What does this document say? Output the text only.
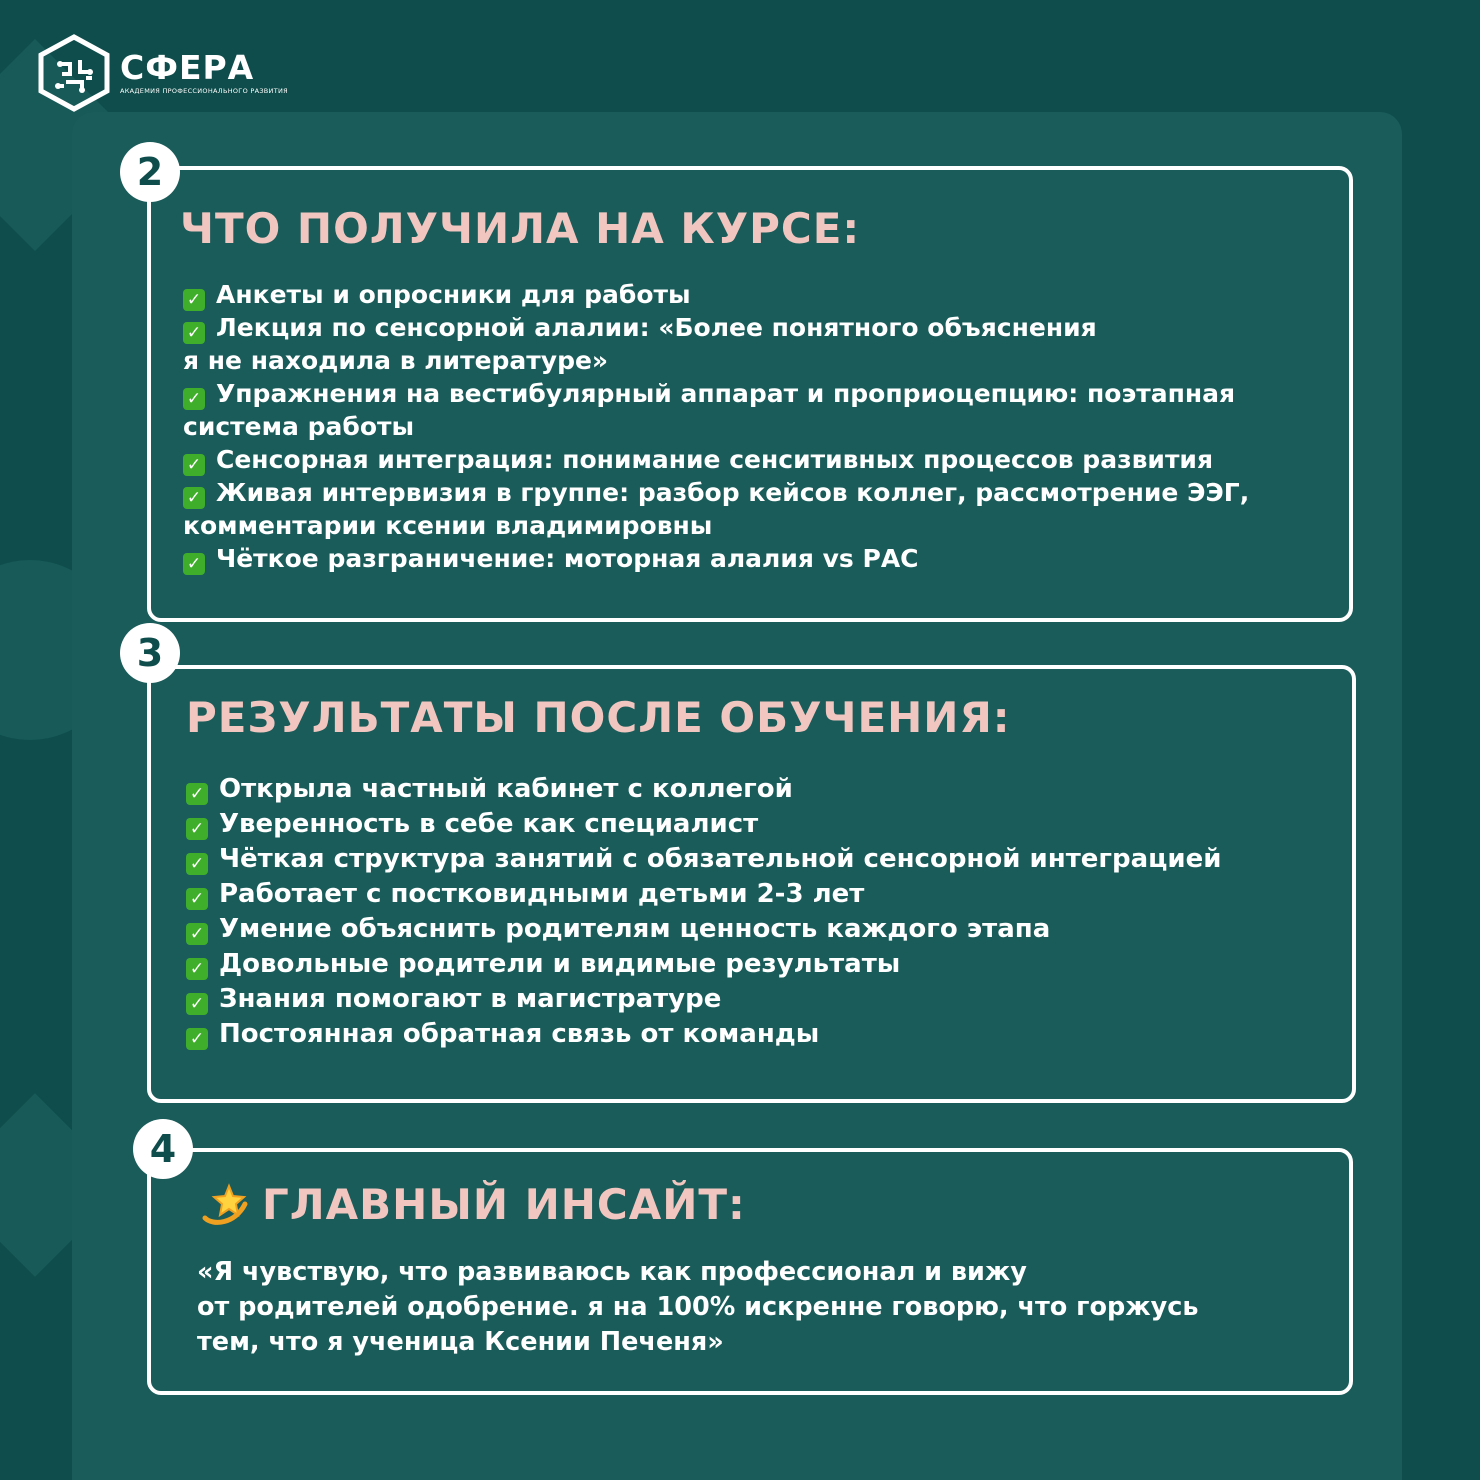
СФЕРА
АКАДЕМИЯ ПРОФЕССИОНАЛЬНОГО РАЗВИТИЯ
2
ЧТО ПОЛУЧИЛА НА КУРСЕ:
✓ Анкеты и опросники для работы
✓ Лекция по сенсорной алалии: «Более понятного объяснения
я не находила в литературе»
✓ Упражнения на вестибулярный аппарат и проприоцепцию: поэтапная
система работы
✓ Сенсорная интеграция: понимание сенситивных процессов развития
✓ Живая интервизия в группе: разбор кейсов коллег, рассмотрение ЭЭГ,
комментарии ксении владимировны
✓ Чёткое разграничение: моторная алалия vs РАС
3
РЕЗУЛЬТАТЫ ПОСЛЕ ОБУЧЕНИЯ:
✓ Открыла частный кабинет с коллегой
✓ Уверенность в себе как специалист
✓ Чёткая структура занятий с обязательной сенсорной интеграцией
✓ Работает с постковидными детьми 2-3 лет
✓ Умение объяснить родителям ценность каждого этапа
✓ Довольные родители и видимые результаты
✓ Знания помогают в магистратуре
✓ Постоянная обратная связь от команды
4
ГЛАВНЫЙ ИНСАЙТ:
«Я чувствую, что развиваюсь как профессионал и вижу
от родителей одобрение. я на 100% искренне говорю, что горжусь
тем, что я ученица Ксении Печеня»
